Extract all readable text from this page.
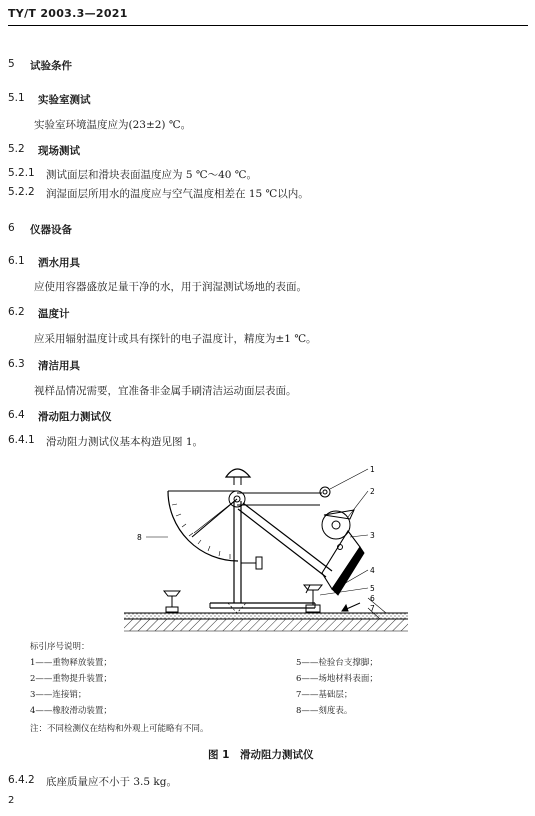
TY/T 2003.3—2021
5 试验条件
5.1 实验室测试
实验室环境温度应为(23±2) ℃。
5.2 现场测试
5.2.1 测试面层和滑块表面温度应为 5 ℃～40 ℃。
5.2.2 润湿面层所用水的温度应与空气温度相差在 15 ℃以内。
6 仪器设备
6.1 洒水用具
应使用容器盛放足量干净的水，用于润湿测试场地的表面。
6.2 温度计
应采用辐射温度计或具有探针的电子温度计，精度为±1 ℃。
6.3 清洁用具
视样品情况需要，宜准备非金属手刷清洁运动面层表面。
6.4 滑动阻力测试仪
6.4.1 滑动阻力测试仪基本构造见图 1。
1
2
3
4
5
6
7
8
标引序号说明：
1——重物释放装置；
2——重物提升装置；
3——连接销；
4——橡胶滑动装置；
5——检验台支撑脚；
6——场地材料表面；
7——基础层；
8——刻度表。
注：不同检测仪在结构和外观上可能略有不同。
图 1　滑动阻力测试仪
6.4.2 底座质量应不小于 3.5 kg。
2
